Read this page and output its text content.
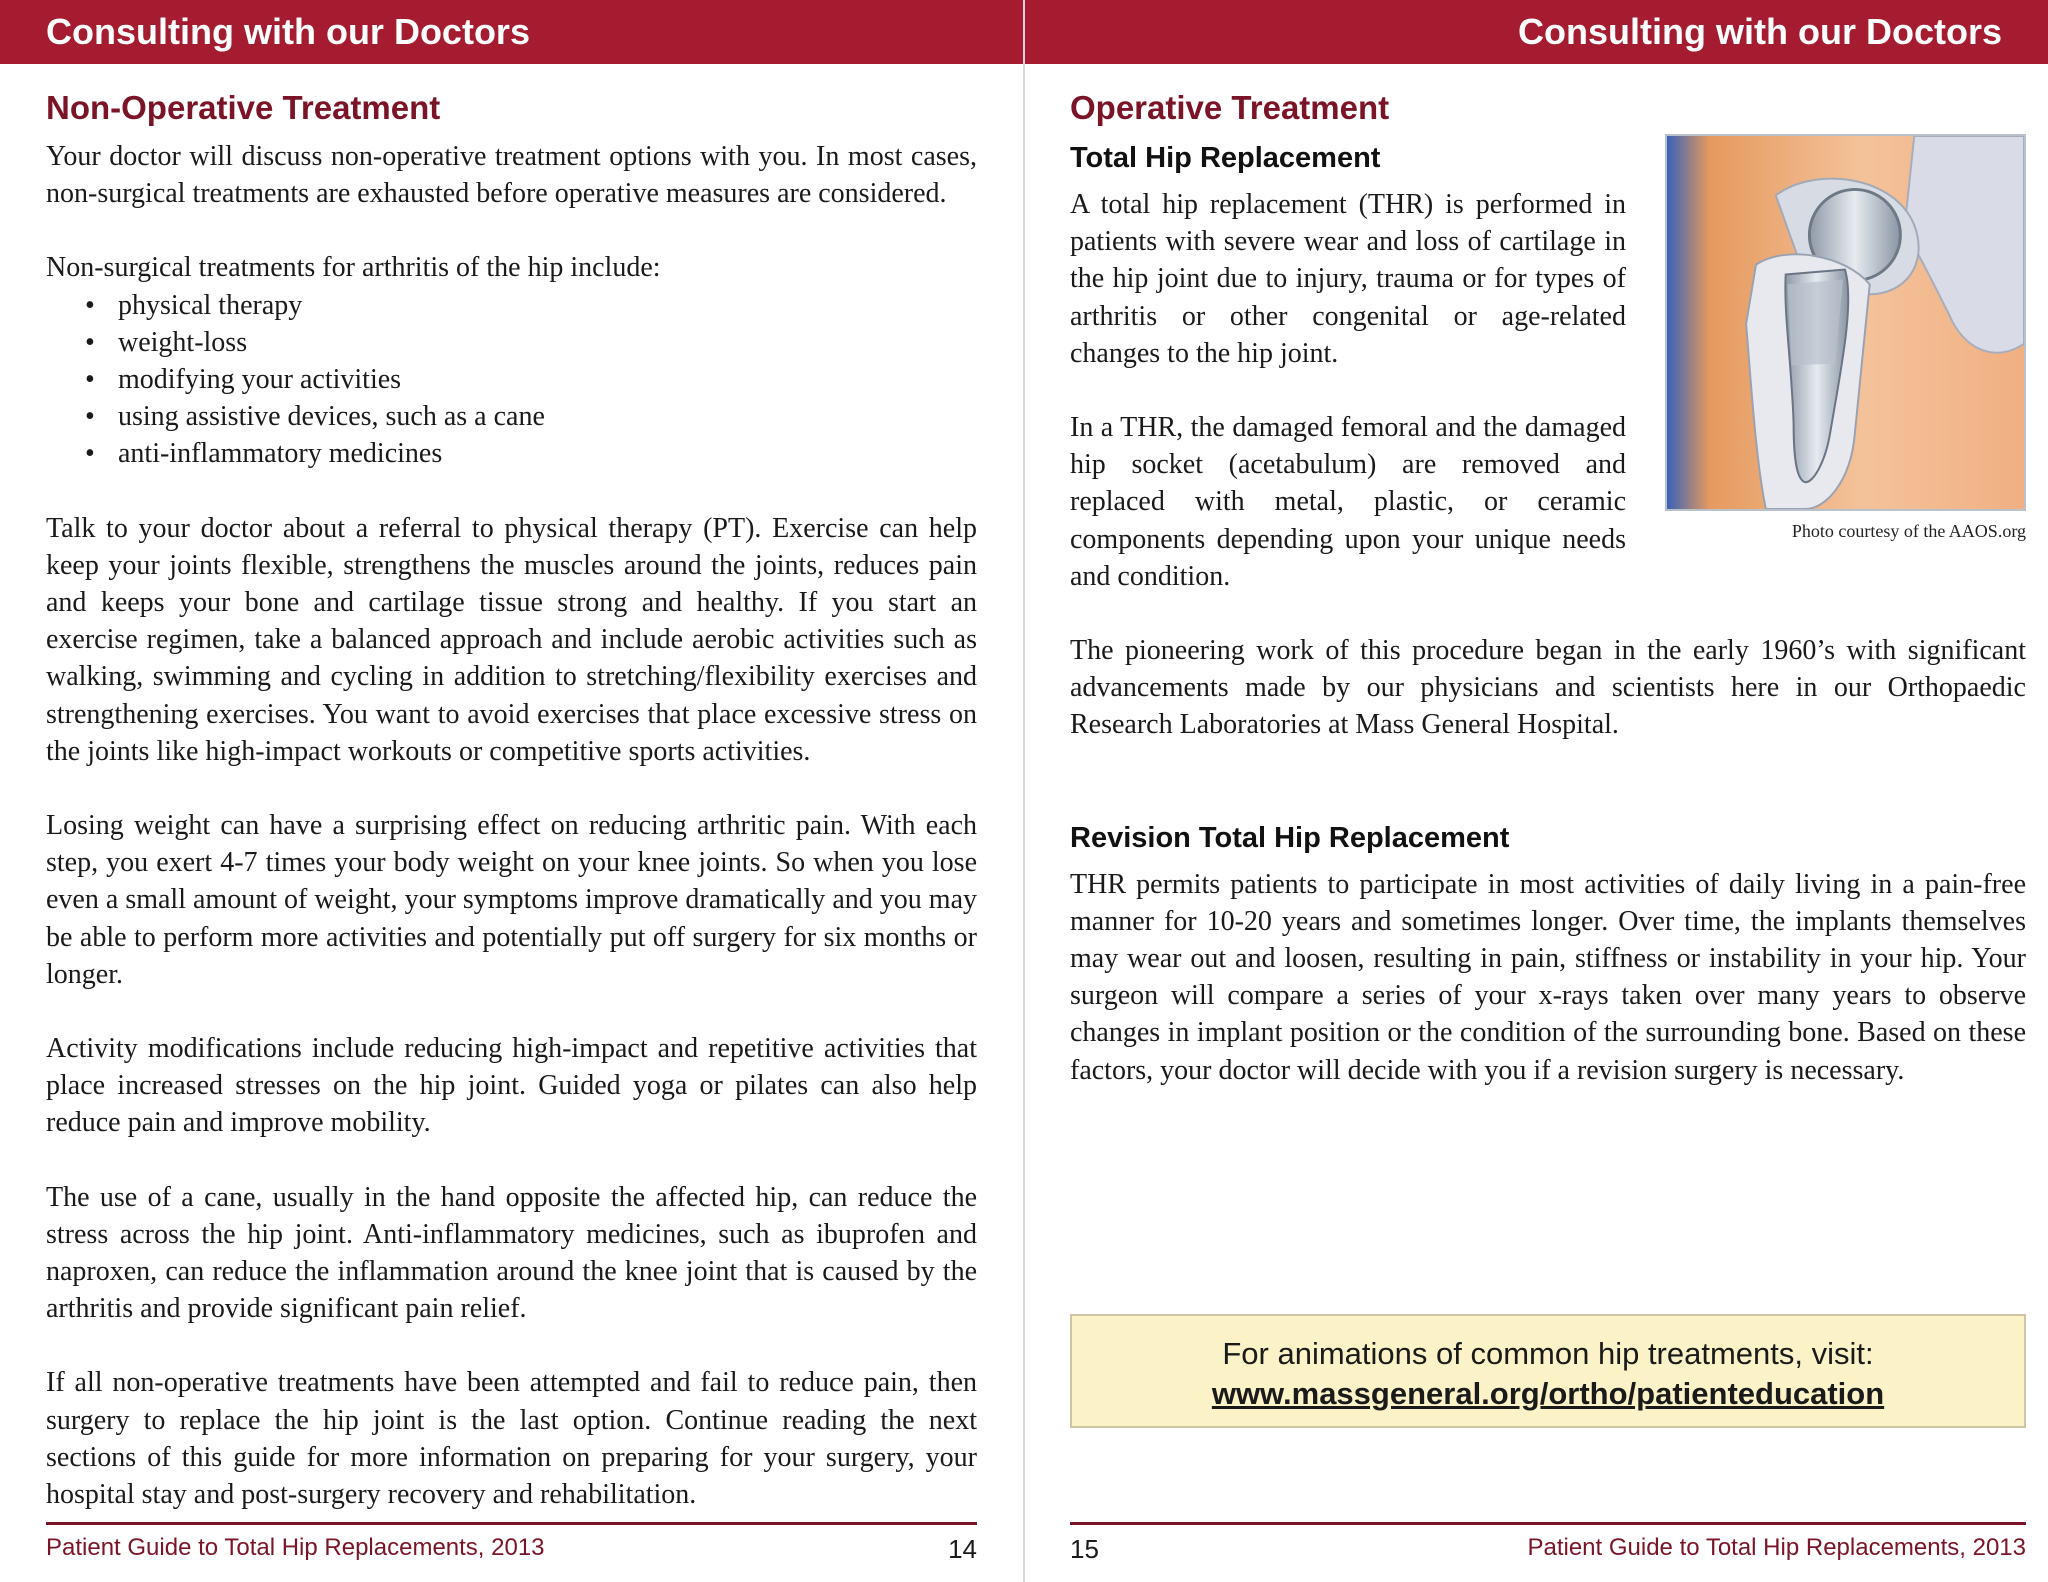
Consulting with our Doctors
Non-Operative Treatment

Your doctor will discuss non-operative treatment options with you. In most cases, non-surgical treatments are exhausted before operative measures are considered.

Non-surgical treatments for arthritis of the hip include:

• physical therapy
• weight-loss
• modifying your activities
• using assistive devices, such as a cane
• anti-inflammatory medicines

Talk to your doctor about a referral to physical therapy (PT). Exercise can help keep your joints flexible, strengthens the muscles around the joints, reduces pain and keeps your bone and cartilage tissue strong and healthy. If you start an exercise regimen, take a balanced approach and include aerobic activities such as walking, swimming and cycling in addition to stretching/flexibility exercises and strengthening exercises. You want to avoid exercises that place excessive stress on the joints like high-impact workouts or competitive sports activities.

Losing weight can have a surprising effect on reducing arthritic pain. With each step, you exert 4-7 times your body weight on your knee joints. So when you lose even a small amount of weight, your symptoms improve dramatically and you may be able to perform more activities and potentially put off surgery for six months or longer.

Activity modifications include reducing high-impact and repetitive activities that place increased stresses on the hip joint. Guided yoga or pilates can also help reduce pain and improve mobility.

The use of a cane, usually in the hand opposite the affected hip, can reduce the stress across the hip joint. Anti-inflammatory medicines, such as ibuprofen and naproxen, can reduce the inflammation around the knee joint that is caused by the arthritis and provide significant pain relief.

If all non-operative treatments have been attempted and fail to reduce pain, then surgery to replace the hip joint is the last option. Continue reading the next sections of this guide for more information on preparing for your surgery, your hospital stay and post-surgery recovery and rehabilitation.

Patient Guide to Total Hip Replacements, 2013	14
Consulting with our Doctors
Operative Treatment
Photo courtesy of the AAOS.org
Total Hip Replacement

A total hip replacement (THR) is performed in patients with severe wear and loss of cartilage in the hip joint due to injury, trauma or for types of arthritis or other congenital or age-related changes to the hip joint.

In a THR, the damaged femoral and the damaged hip socket (acetabulum) are removed and replaced with metal, plastic, or ceramic components depending upon your unique needs and condition.

The pioneering work of this procedure began in the early 1960’s with significant advancements made by our physicians and scientists here in our Orthopaedic Research Laboratories at Mass General Hospital.

Revision Total Hip Replacement

THR permits patients to participate in most activities of daily living in a pain-free manner for 10-20 years and sometimes longer. Over time, the implants themselves may wear out and loosen, resulting in pain, stiffness or instability in your hip. Your surgeon will compare a series of your x-rays taken over many years to observe changes in implant position or the condition of the surrounding bone. Based on these factors, your doctor will decide with you if a revision surgery is necessary.

For animations of common hip treatments, visit:
www.massgeneral.org/ortho/patienteducation
15	Patient Guide to Total Hip Replacements, 2013
